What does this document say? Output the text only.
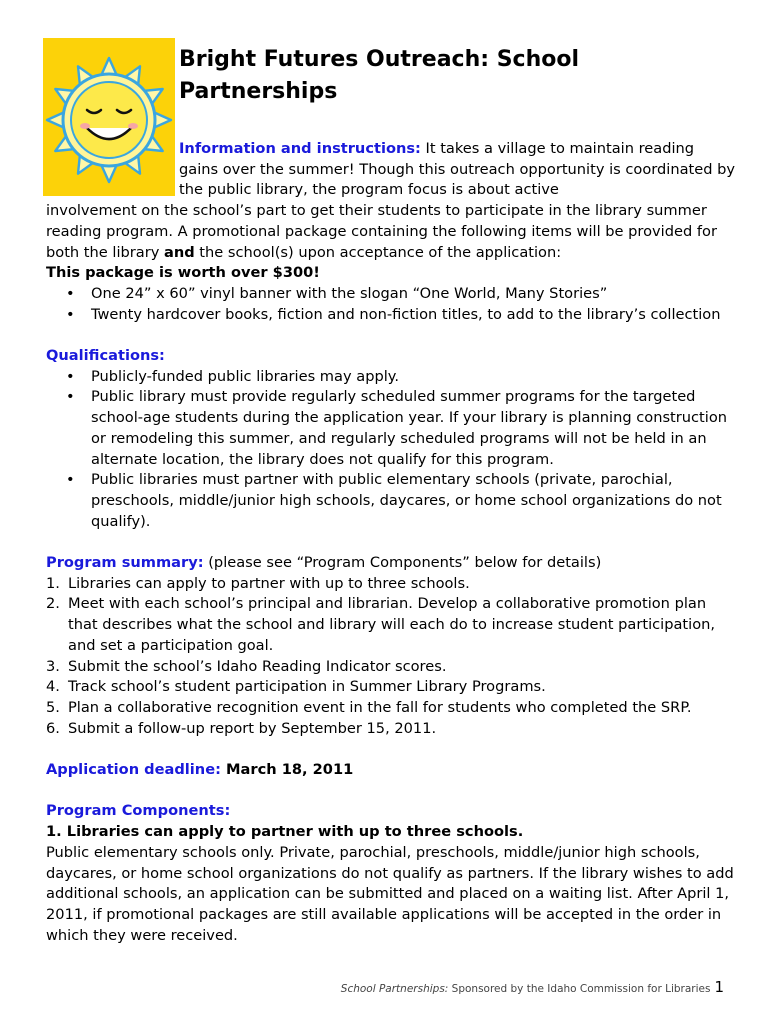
Bright Futures Outreach: School Partnerships

Information and instructions: It takes a village to maintain reading gains over the summer! Though this outreach opportunity is coordinated by the public library, the program focus is about active

involvement on the school’s part to get their students to participate in the library summer reading program. A promotional package containing the following items will be provided for both the library and the school(s) upon acceptance of the application:

This package is worth over $300!

• One 24” x 60” vinyl banner with the slogan “One World, Many Stories”
• Twenty hardcover books, fiction and non-fiction titles, to add to the library’s collection

Qualifications:

• Publicly-funded public libraries may apply.
• Public library must provide regularly scheduled summer programs for the targeted school-age students during the application year. If your library is planning construction or remodeling this summer, and regularly scheduled programs will not be held in an alternate location, the library does not qualify for this program.
• Public libraries must partner with public elementary schools (private, parochial, preschools, middle/junior high schools, daycares, or home school organizations do not qualify).

Program summary: (please see “Program Components” below for details)

1. Libraries can apply to partner with up to three schools.
2. Meet with each school’s principal and librarian. Develop a collaborative promotion plan that describes what the school and library will each do to increase student participation, and set a participation goal.
3. Submit the school’s Idaho Reading Indicator scores.
4. Track school’s student participation in Summer Library Programs.
5. Plan a collaborative recognition event in the fall for students who completed the SRP.
6. Submit a follow-up report by September 15, 2011.

Application deadline: March 18, 2011

Program Components:

1. Libraries can apply to partner with up to three schools.

Public elementary schools only. Private, parochial, preschools, middle/junior high schools, daycares, or home school organizations do not qualify as partners. If the library wishes to add additional schools, an application can be submitted and placed on a waiting list. After April 1, 2011, if promotional packages are still available applications will be accepted in the order in which they were received.

School Partnerships: Sponsored by the Idaho Commission for Libraries 1
